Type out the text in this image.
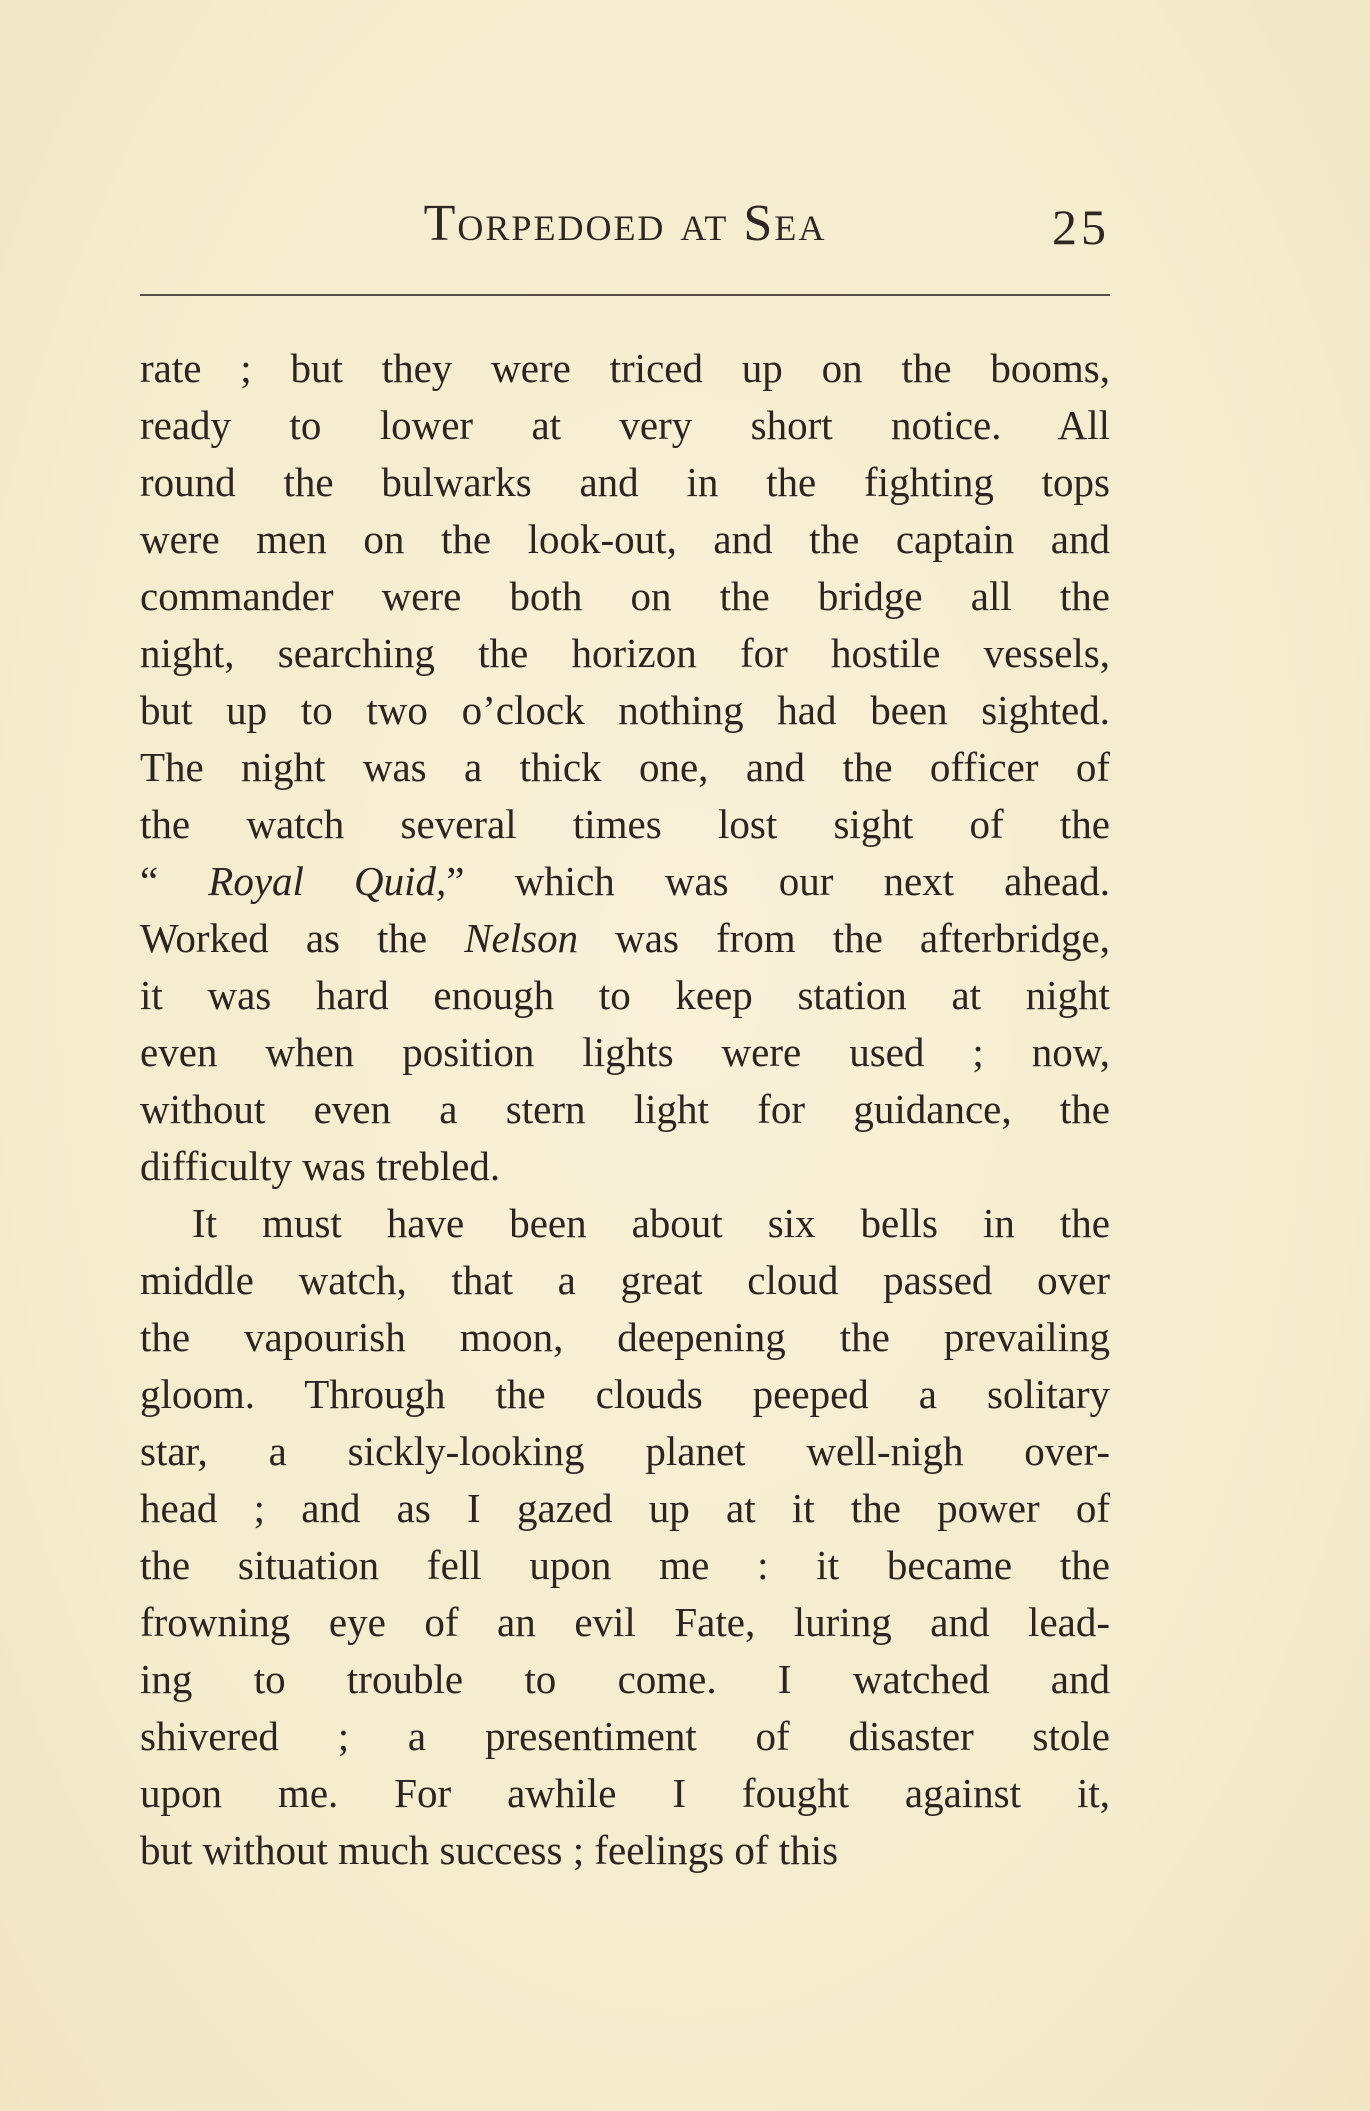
Torpedoed at Sea	25
rate ; but they were triced up on the booms,
ready to lower at very short notice. All
round the bulwarks and in the fighting tops
were men on the look-out, and the captain and
commander were both on the bridge all the
night, searching the horizon for hostile vessels,
but up to two o’clock nothing had been sighted.
The night was a thick one, and the officer of
the watch several times lost sight of the
“ Royal Quid,” which was our next ahead.
Worked as the Nelson was from the afterbridge,
it was hard enough to keep station at night
even when position lights were used ; now,
without even a stern light for guidance, the
difficulty was trebled.
It must have been about six bells in the
middle watch, that a great cloud passed over
the vapourish moon, deepening the prevailing
gloom. Through the clouds peeped a solitary
star, a sickly-looking planet well-nigh over-
head ; and as I gazed up at it the power of
the situation fell upon me : it became the
frowning eye of an evil Fate, luring and lead-
ing to trouble to come. I watched and
shivered ; a presentiment of disaster stole
upon me. For awhile I fought against it,
but without much success ; feelings of this
